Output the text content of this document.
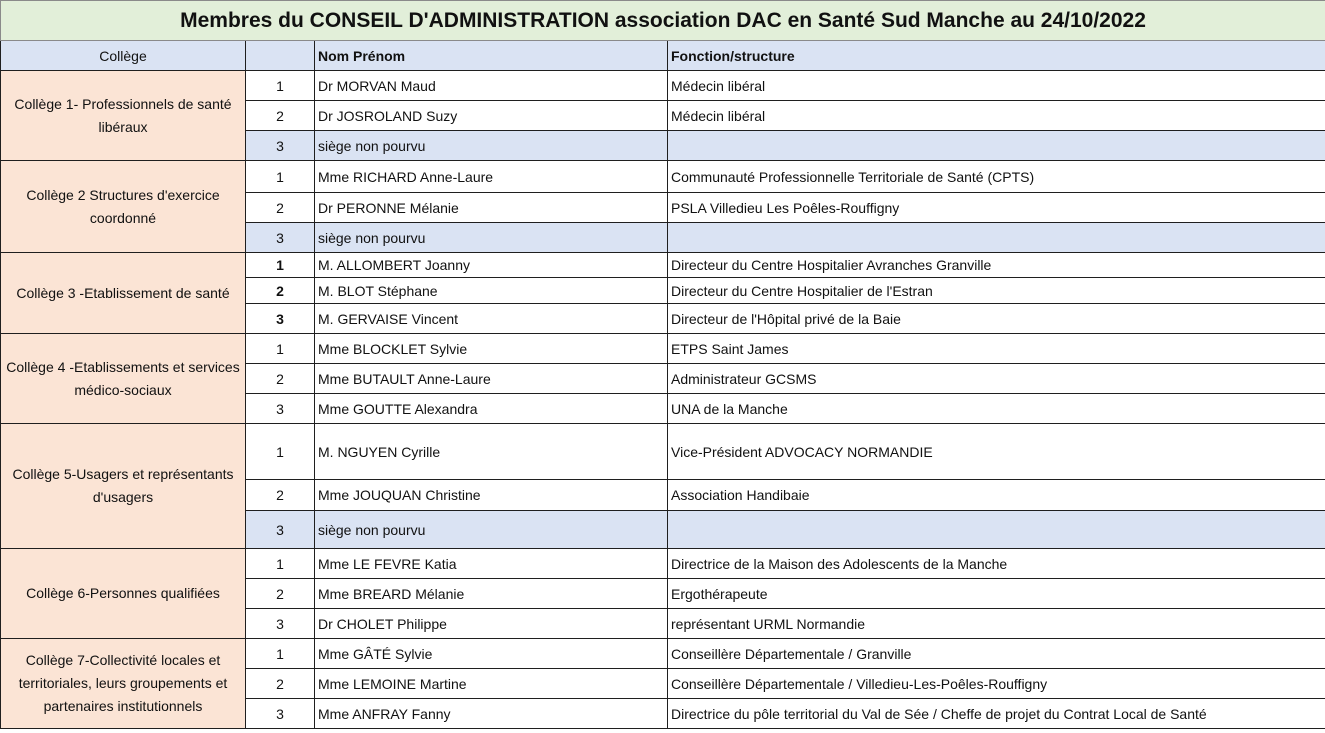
Membres du CONSEIL D'ADMINISTRATION association DAC en Santé Sud Manche au 24/10/2022			
Collège		Nom Prénom	Fonction/structure
Collège 1- Professionnels de santé libéraux	1	Dr MORVAN Maud	Médecin libéral
	2	Dr JOSROLAND Suzy	Médecin libéral
	3	siège non pourvu	
Collège 2 Structures d'exercice coordonné	1	Mme RICHARD Anne-Laure	Communauté Professionnelle Territoriale de Santé (CPTS)
	2	Dr PERONNE Mélanie	PSLA Villedieu Les Poêles-Rouffigny
	3	siège non pourvu	
Collège 3 -Etablissement de santé	1	M. ALLOMBERT Joanny	Directeur du Centre Hospitalier Avranches Granville
	2	M. BLOT Stéphane	Directeur du Centre Hospitalier de l'Estran
	3	M. GERVAISE Vincent	Directeur de l'Hôpital privé de la Baie
Collège 4 -Etablissements et services médico-sociaux	1	Mme BLOCKLET Sylvie	ETPS Saint James
	2	Mme BUTAULT Anne-Laure	Administrateur GCSMS
	3	Mme GOUTTE Alexandra	UNA de la Manche
Collège 5-Usagers et représentants d'usagers	1	M. NGUYEN Cyrille	Vice-Président ADVOCACY NORMANDIE
	2	Mme JOUQUAN Christine	Association Handibaie
	3	siège non pourvu	
Collège 6-Personnes qualifiées	1	Mme LE FEVRE Katia	Directrice de la Maison des Adolescents de la Manche
	2	Mme BREARD Mélanie	Ergothérapeute
	3	Dr CHOLET Philippe	représentant URML Normandie
Collège 7-Collectivité locales et territoriales, leurs groupements et partenaires institutionnels	1	Mme GÂTÉ Sylvie	Conseillère Départementale / Granville
	2	Mme LEMOINE Martine	Conseillère Départementale / Villedieu-Les-Poêles-Rouffigny
	3	Mme ANFRAY Fanny	Directrice du pôle territorial du Val de Sée / Cheffe de projet du Contrat Local de Santé
